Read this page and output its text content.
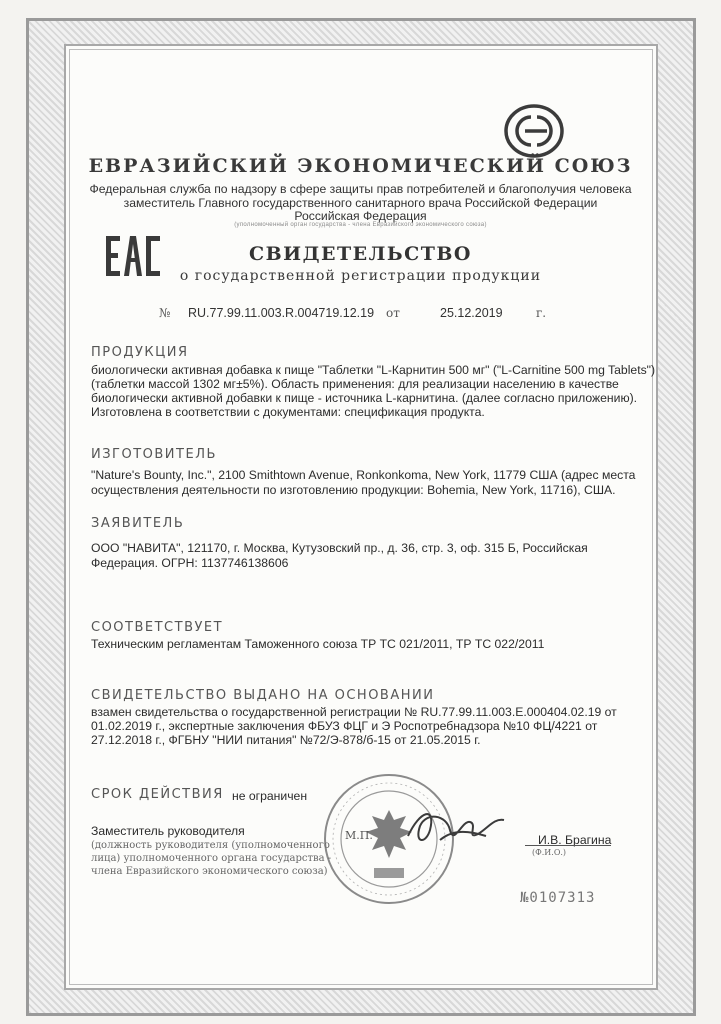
ЕВРАЗИЙСКИЙ ЭКОНОМИЧЕСКИЙ СОЮЗ
Федеральная служба по надзору в сфере защиты прав потребителей и благополучия человека
заместитель Главного государственного санитарного врача Российской Федерации
Российская Федерация
(уполномоченный орган государства - члена Евразийского экономического союза)
СВИДЕТЕЛЬСТВО
о государственной регистрации продукции
№ RU.77.99.11.003.R.004719.12.19 от	25.12.2019	г.
ПРОДУКЦИЯ
биологически активная добавка к пище "Таблетки "L-Карнитин 500 мг" ("L-Carnitine 500 mg Tablets")
(таблетки массой 1302 мг±5%). Область применения: для реализации населению в качестве
биологически активной добавки к пище - источника L-карнитина. (далее согласно приложению).
Изготовлена в соответствии с документами: спецификация продукта.
ИЗГОТОВИТЕЛЬ
"Nature's Bounty, Inc.", 2100 Smithtown Avenue, Ronkonkoma, New York, 11779 США (адрес места
осуществления деятельности по изготовлению продукции: Bohemia, New York, 11716), США.
ЗАЯВИТЕЛЬ
ООО "НАВИТА", 121170, г. Москва, Кутузовский пр., д. 36, стр. 3, оф. 315 Б, Российская
Федерация. ОГРН: 1137746138606
СООТВЕТСТВУЕТ
Техническим регламентам Таможенного союза ТР ТС 021/2011, ТР ТС 022/2011
СВИДЕТЕЛЬСТВО ВЫДАНО НА ОСНОВАНИИ
взамен свидетельства о государственной регистрации № RU.77.99.11.003.Е.000404.02.19 от
01.02.2019 г., экспертные заключения ФБУЗ ФЦГ и Э Роспотребнадзора №10 ФЦ/4221 от
27.12.2018 г., ФГБНУ "НИИ питания" №72/Э-878/б-15 от 21.05.2015 г.
СРОК ДЕЙСТВИЯ не ограничен
Заместитель руководителя	М.П.	И.В. Брагина
(Ф.И.О.)
(должность руководителя (уполномоченного
лица) уполномоченного органа государства -
члена Евразийского экономического союза)
№0107313
